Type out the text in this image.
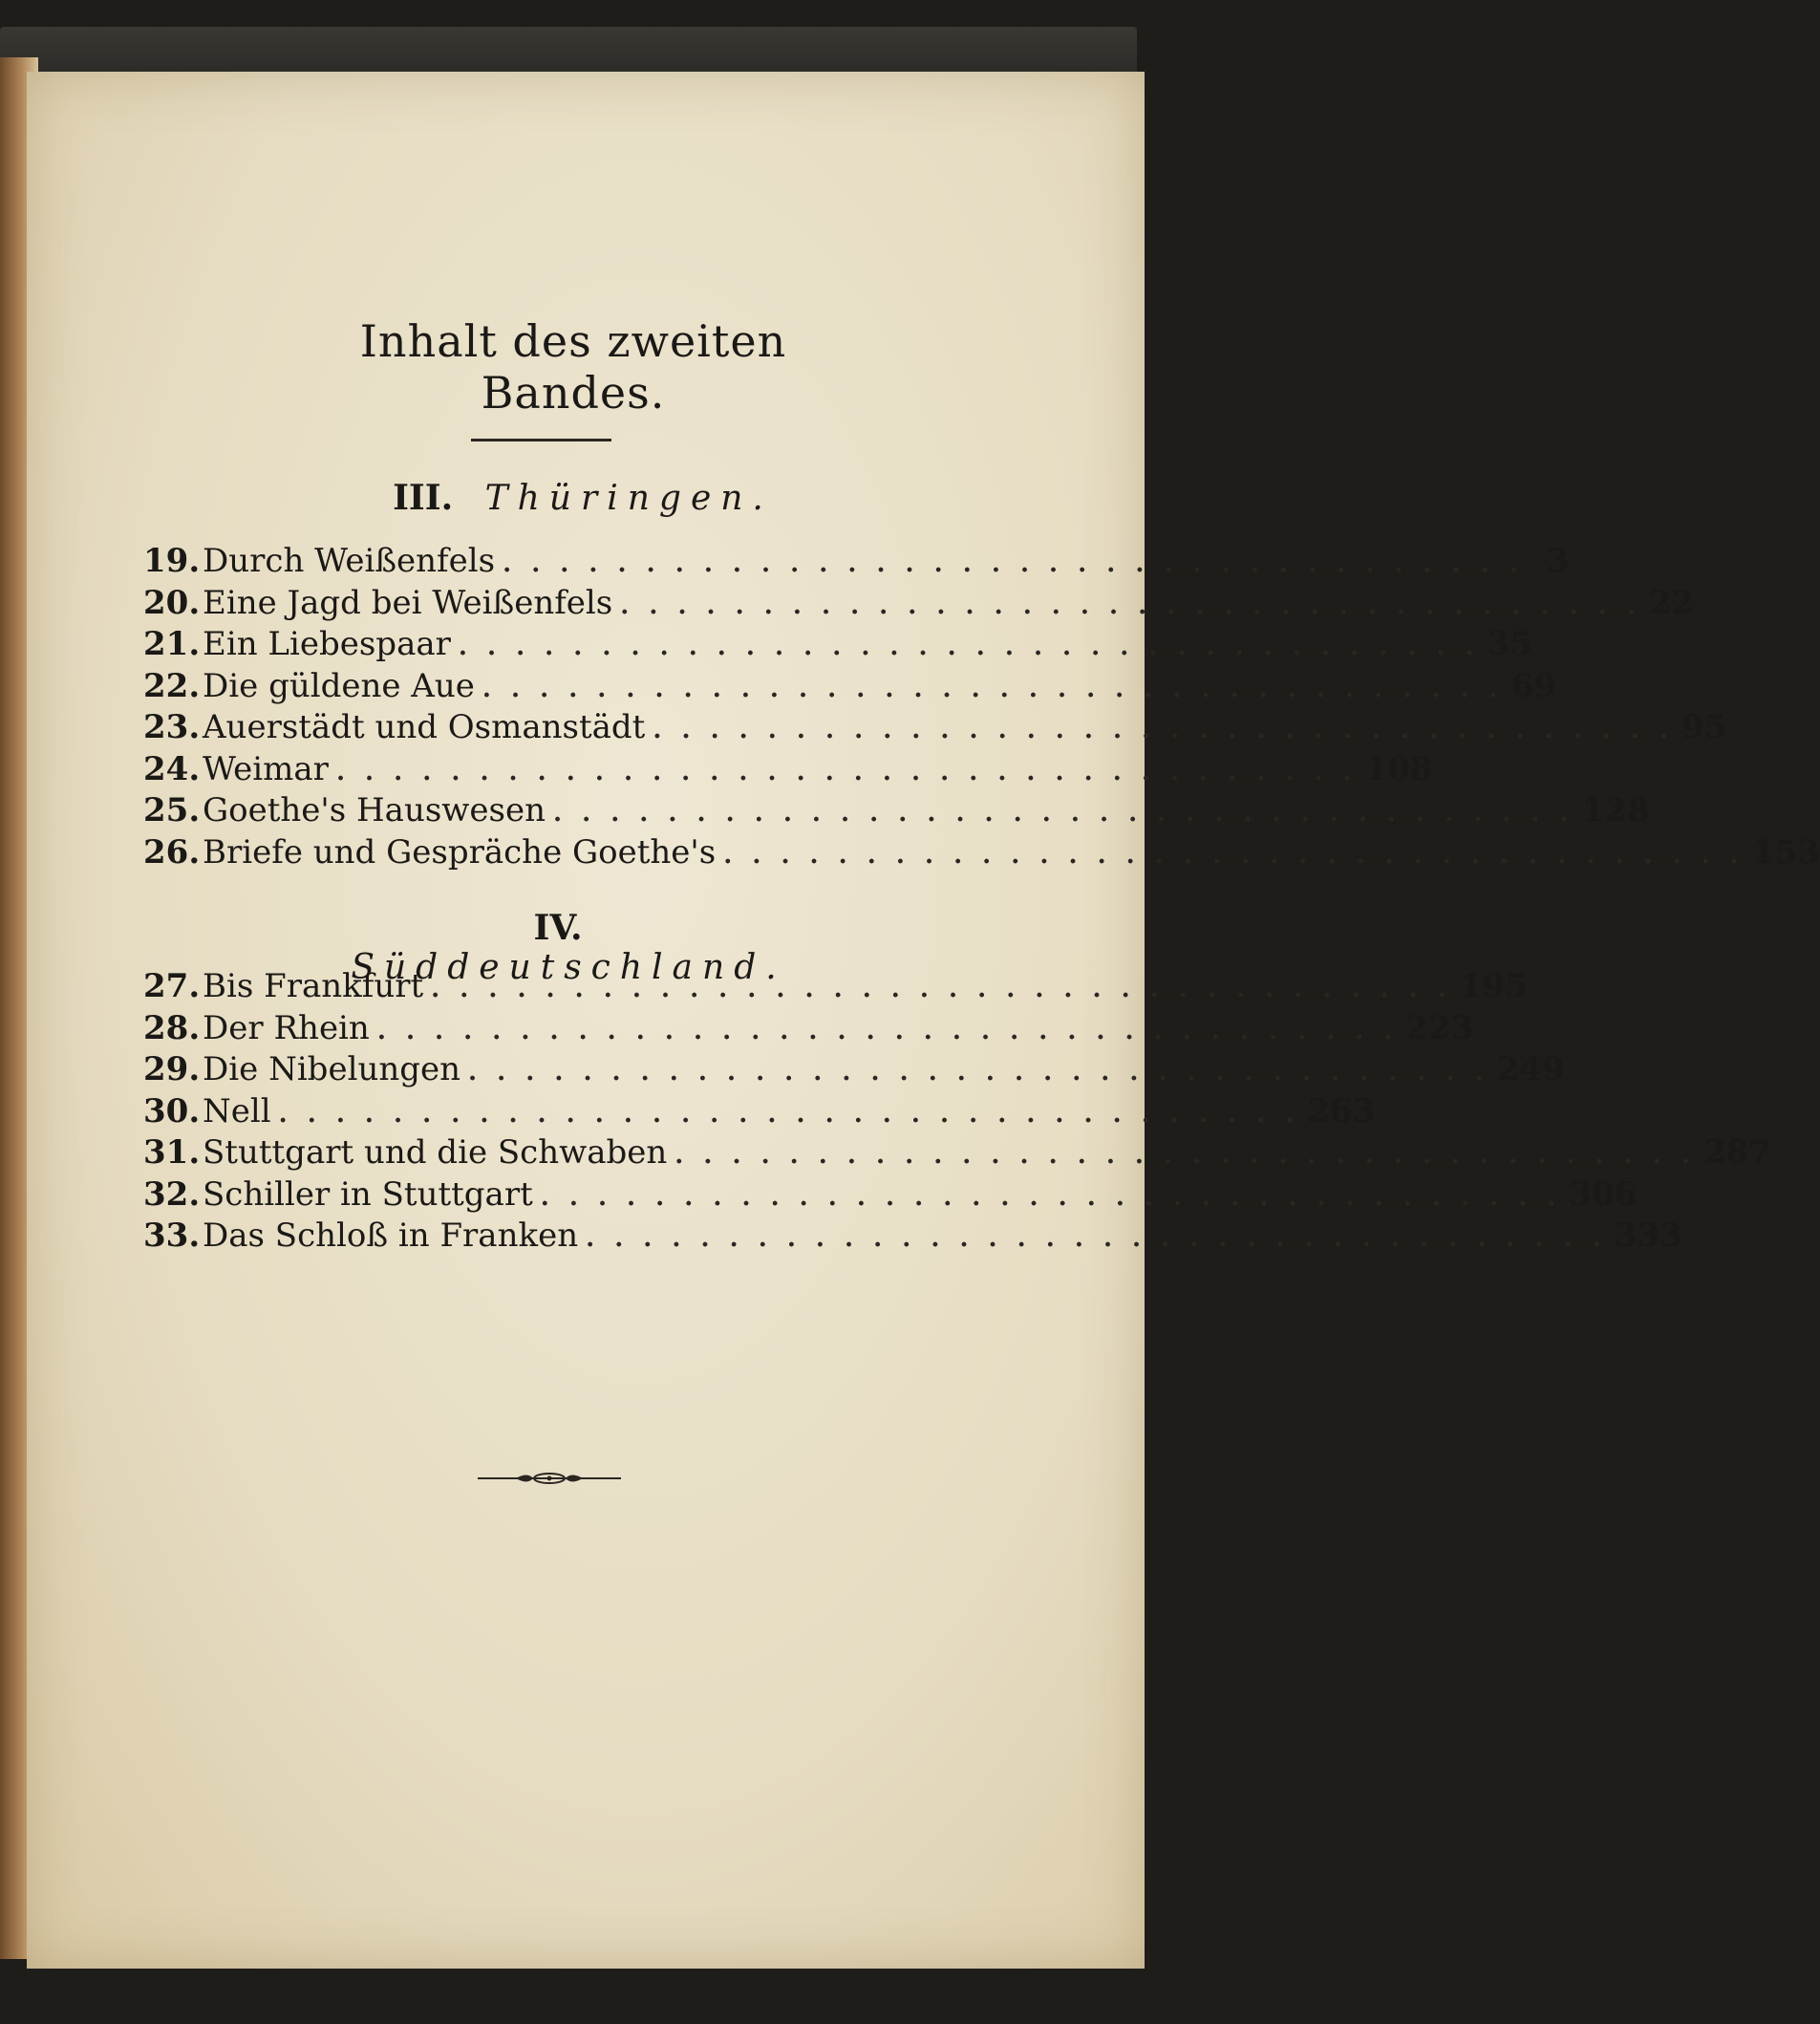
Inhalt des zweiten Bandes.
III. Thüringen.
19. Durch Weißenfels . . . . . . . . . . . . . . . . . . . . . . . . . . . . . . . . . . . . 3
20. Eine Jagd bei Weißenfels . . . . . . . . . . . . . . . . . . . . . . . . . . . . . . . . . . . . 22
21. Ein Liebespaar . . . . . . . . . . . . . . . . . . . . . . . . . . . . . . . . . . . . 35
22. Die güldene Aue . . . . . . . . . . . . . . . . . . . . . . . . . . . . . . . . . . . . 69
23. Auerstädt und Osmanstädt . . . . . . . . . . . . . . . . . . . . . . . . . . . . . . . . . . . . 95
24. Weimar . . . . . . . . . . . . . . . . . . . . . . . . . . . . . . . . . . . . 108
25. Goethe's Hauswesen . . . . . . . . . . . . . . . . . . . . . . . . . . . . . . . . . . . . 128
26. Briefe und Gespräche Goethe's . . . . . . . . . . . . . . . . . . . . . . . . . . . . . . . . . . . . 153
IV. Süddeutschland.
27. Bis Frankfurt . . . . . . . . . . . . . . . . . . . . . . . . . . . . . . . . . . . . 195
28. Der Rhein . . . . . . . . . . . . . . . . . . . . . . . . . . . . . . . . . . . . 223
29. Die Nibelungen . . . . . . . . . . . . . . . . . . . . . . . . . . . . . . . . . . . . 249
30. Nell . . . . . . . . . . . . . . . . . . . . . . . . . . . . . . . . . . . . 263
31. Stuttgart und die Schwaben . . . . . . . . . . . . . . . . . . . . . . . . . . . . . . . . . . . . 287
32. Schiller in Stuttgart . . . . . . . . . . . . . . . . . . . . . . . . . . . . . . . . . . . . 306
33. Das Schloß in Franken . . . . . . . . . . . . . . . . . . . . . . . . . . . . . . . . . . . . 333
